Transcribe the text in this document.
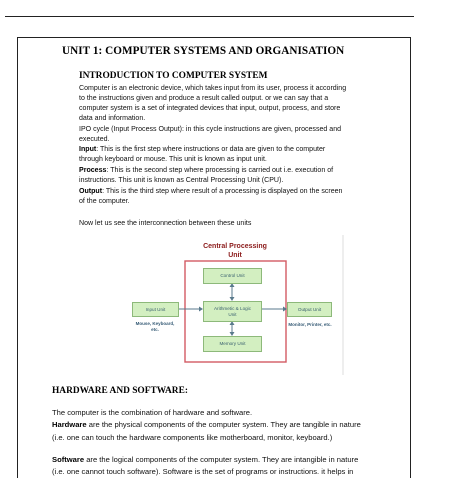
UNIT 1: COMPUTER SYSTEMS AND ORGANISATION
INTRODUCTION TO COMPUTER SYSTEM
Computer is an electronic device, which takes input from its user, process it according
to the instructions given and produce a result called output. or we can say that a
computer system is a set of integrated devices that input, output, process, and store
data and information.
IPO cycle (Input Process Output): in this cycle instructions are given, processed and
executed.
Input: This is the first step where instructions or data are given to the computer
through keyboard or mouse. This unit is known as input unit.
Process: This is the second step where processing is carried out i.e. execution of
instructions. This unit is known as Central Processing Unit (CPU).
Output: This is the third step where result of a processing is displayed on the screen
of the computer.
Now let us see the interconnection between these units
Central Processing
Unit
Control Unit
Arithmetic & Logic
Unit
Memory Unit
Input Unit	Output Unit
Mouse, Keyboard,
etc.
Monitor, Printer, etc.
HARDWARE AND SOFTWARE:
The computer is the combination of hardware and software.
Hardware are the physical components of the computer system. They are tangible in nature
(i.e. one can touch the hardware components like motherboard, monitor, keyboard.)
Software are the logical components of the computer system. They are intangible in nature
(i.e. one cannot touch software). Software is the set of programs or instructions. it helps in
